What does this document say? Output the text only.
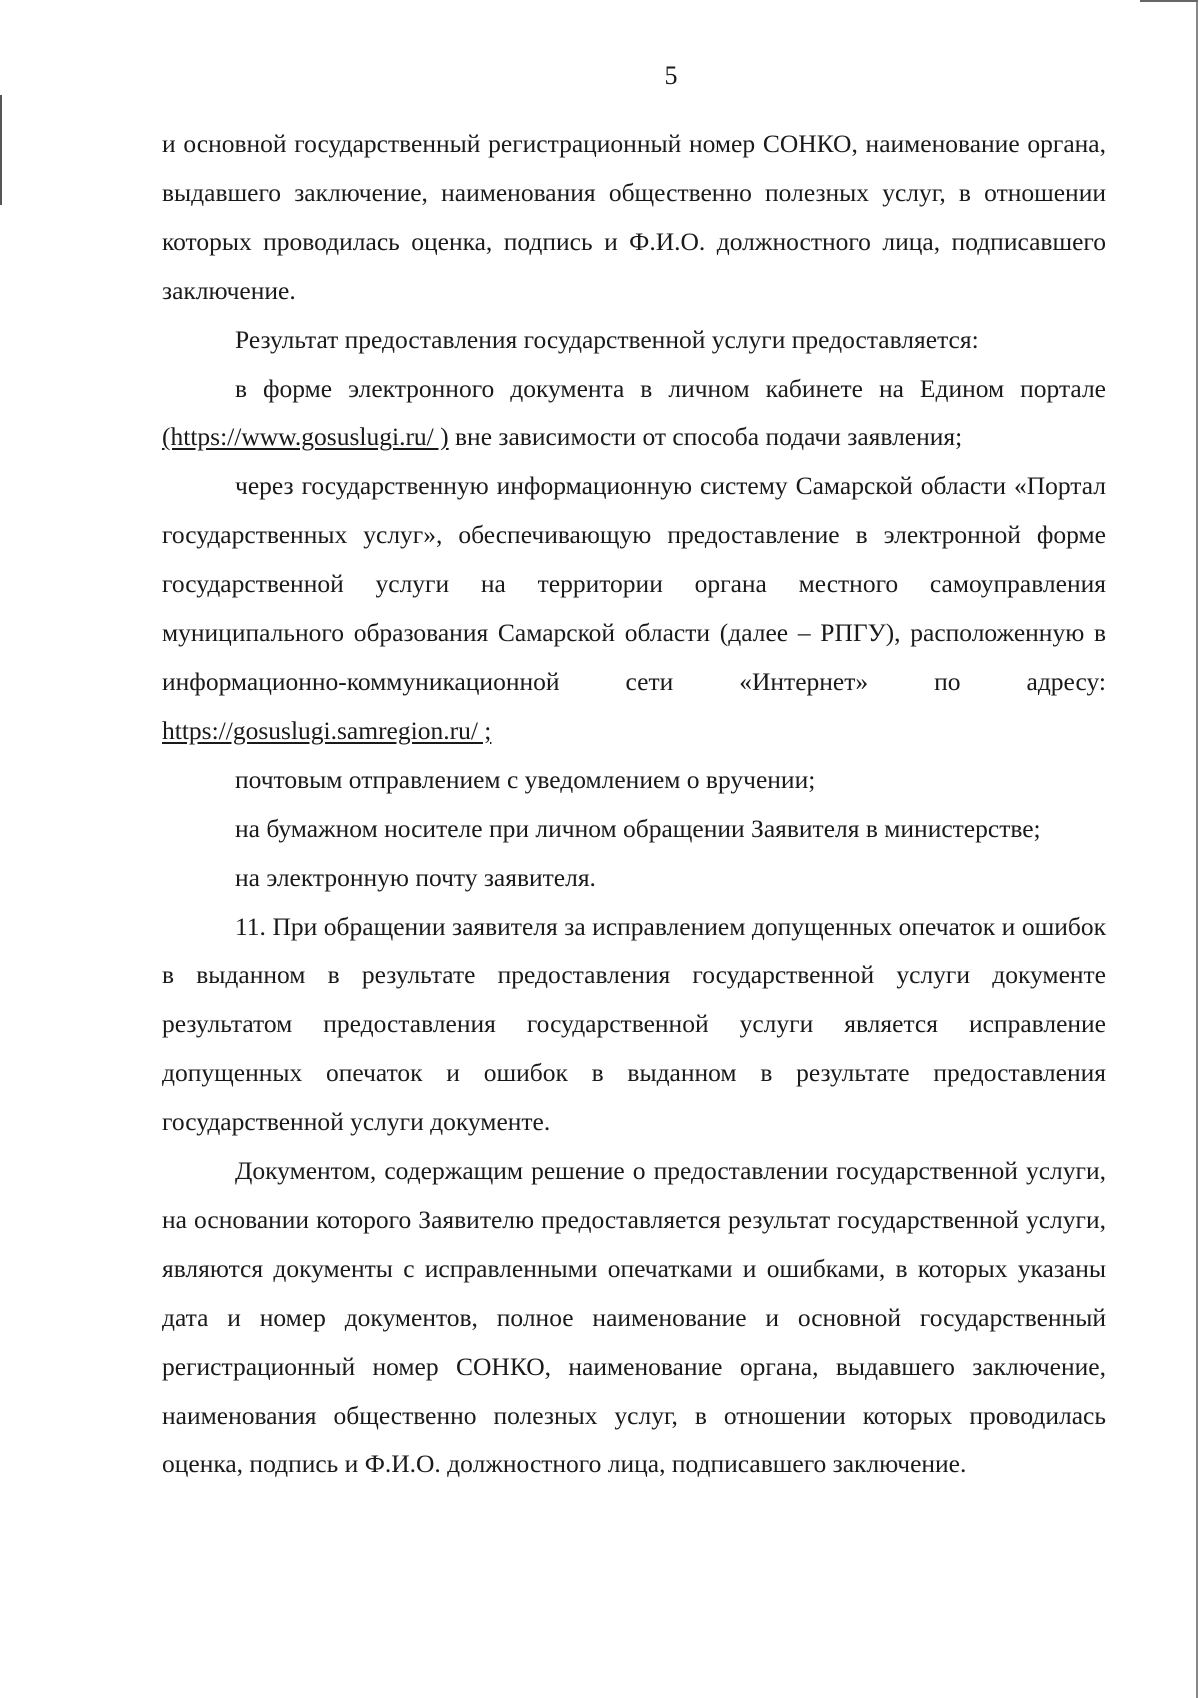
5

и основной государственный регистрационный номер СОНКО, наименование органа, выдавшего заключение, наименования общественно полезных услуг, в отношении которых проводилась оценка, подпись и Ф.И.О. должностного лица, подписавшего заключение.

Результат предоставления государственной услуги предоставляется:

в форме электронного документа в личном кабинете на Едином портале

(https://www.gosuslugi.ru/ ) вне зависимости от способа подачи заявления;

через государственную информационную систему Самарской области «Портал государственных услуг», обеспечивающую предоставление в электронной форме государственной услуги на территории органа местного самоуправления муниципального образования Самарской области (далее – РПГУ), расположенную в информационно-коммуникационной сети «Интернет» по адресу: https://gosuslugi.samregion.ru/ ;

почтовым отправлением с уведомлением о вручении;

на бумажном носителе при личном обращении Заявителя в министерстве;

на электронную почту заявителя.

11. При обращении заявителя за исправлением допущенных опечаток и ошибок в выданном в результате предоставления государственной услуги документе результатом предоставления государственной услуги является исправление допущенных опечаток и ошибок в выданном в результате предоставления государственной услуги документе.

Документом, содержащим решение о предоставлении государственной услуги, на основании которого Заявителю предоставляется результат государственной услуги, являются документы с исправленными опечатками и ошибками, в которых указаны дата и номер документов, полное наименование и основной государственный регистрационный номер СОНКО, наименование органа, выдавшего заключение, наименования общественно полезных услуг, в отношении которых проводилась оценка, подпись и Ф.И.О. должностного лица, подписавшего заключение.
